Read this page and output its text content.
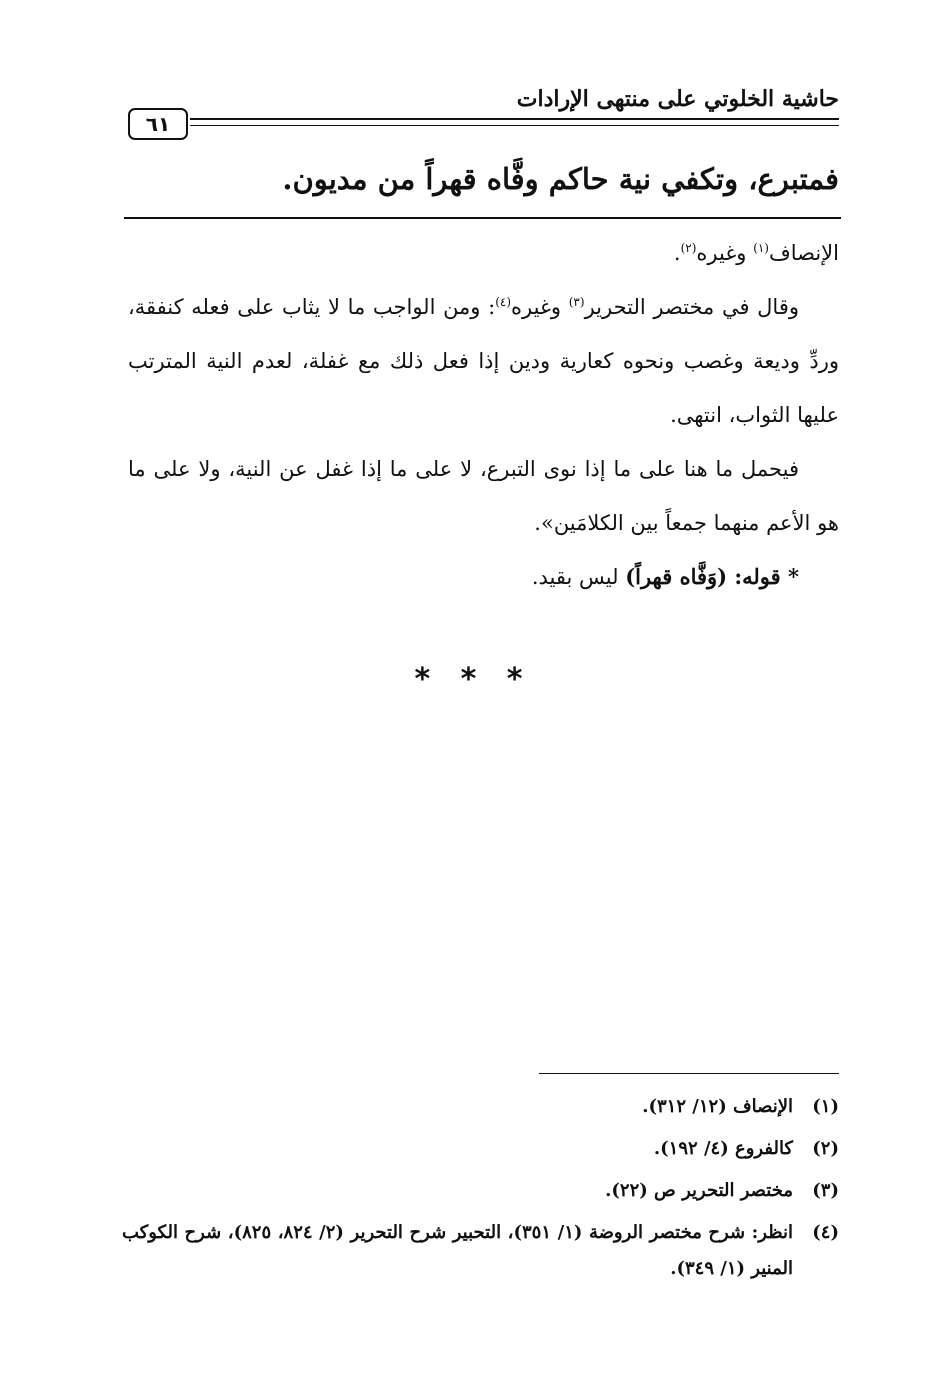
حاشية الخلوتي على منتهى الإرادات
٦١
فمتبرع، وتكفي نية حاكم وفَّاه قهراً من مديون.

الإنصاف$^{(١)}$ وغيره$^{(٢)}$.

وقال في مختصر التحرير$^{(٣)}$ وغيره$^{(٤)}$: ومن الواجب ما لا يثاب على فعله كنفقة، وردِّ وديعة وغصب ونحوه كعارية ودين إذا فعل ذلك مع غفلة، لعدم النية المترتب عليها الثواب، انتهى.

فيحمل ما هنا على ما إذا نوى التبرع، لا على ما إذا غفل عن النية، ولا على ما هو الأعم منهما جمعاً بين الكلامَين».

* قوله: (وَفَّاه قهراً) ليس بقيد.

* * *
(١)
الإنصاف (١٢/ ٣١٢).
(٢)
كالفروع (٤/ ١٩٢).
(٣)
مختصر التحرير ص (٢٢).
(٤)
انظر: شرح مختصر الروضة (١/ ٣٥١)، التحبير شرح التحرير (٢/ ٨٢٤، ٨٢٥)، شرح الكوكب المنير (١/ ٣٤٩).
